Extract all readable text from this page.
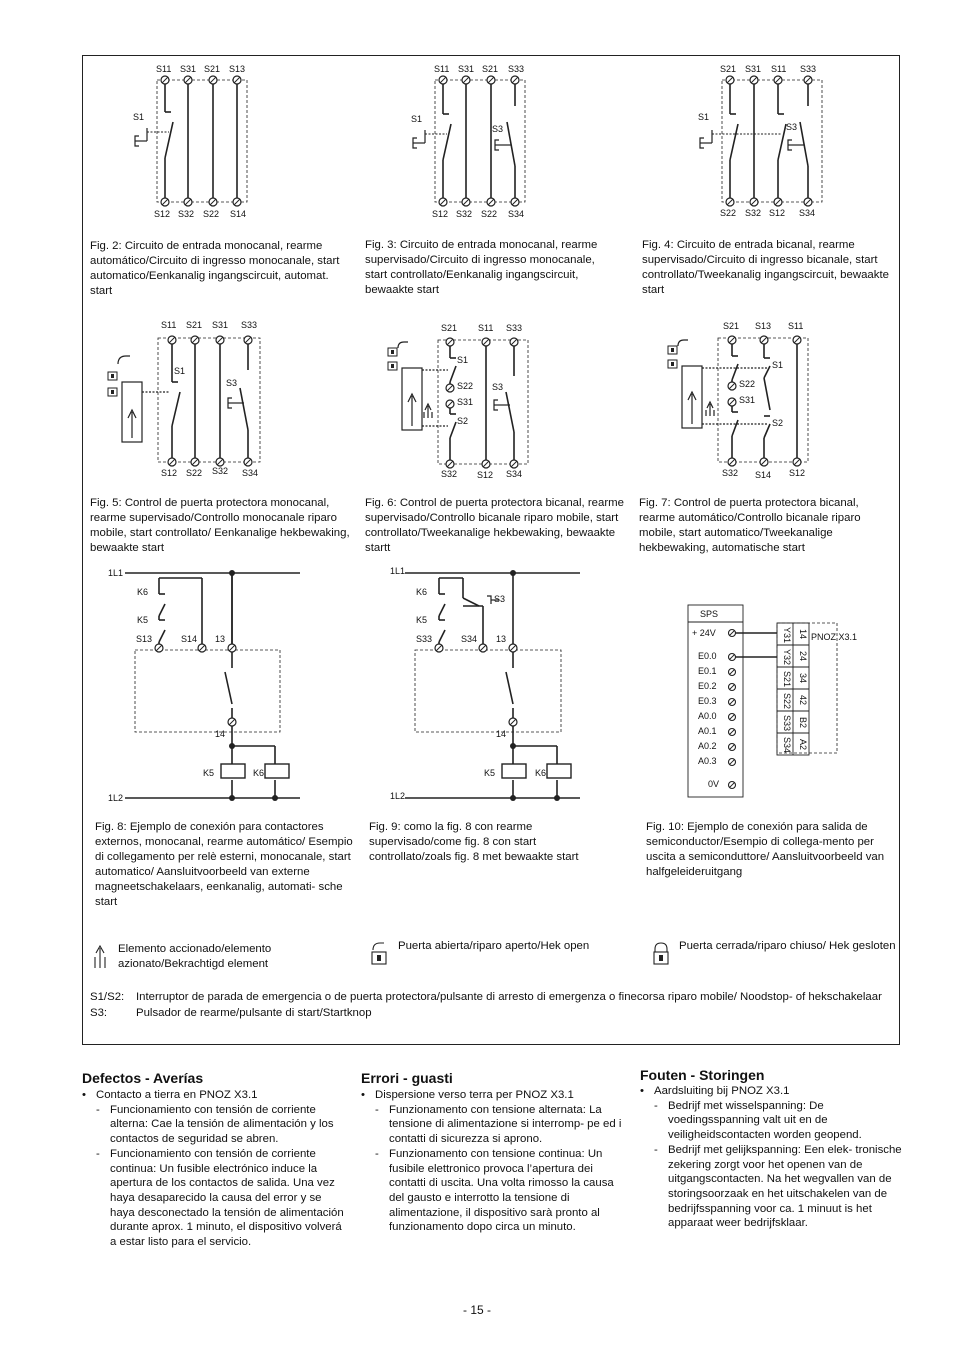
S11 S31 S21 S13
S12 S32 S22 S14
S1
Fig. 2: Circuito de entrada monocanal, rearme automático/Circuito di ingresso monocanale, start automatico/Eenkanalig ingangscircuit, automat. start
S11 S31 S21 S33
S12 S32 S22 S34
S1
S3
Fig. 3: Circuito de entrada monocanal, rearme supervisado/Circuito di ingresso monocanale, start controllato/Eenkanalig ingangscircuit, bewaakte start
S21 S31 S11 S33
S22 S32 S12 S34
S1
S3
Fig. 4: Circuito de entrada bicanal, rearme supervisado/Circuito di ingresso bicanale, start controllato/Tweekanalig ingangscircuit, bewaakte start
S11 S21 S31 S33
S12 S22 S32 S34
S1
S3
Fig. 5: Control de puerta protectora monocanal, rearme supervisado/Controllo monocanale riparo mobile, start controllato/ Eenkanalige hekbewaking, bewaakte start
S21 S11 S33
S32 S12 S34
S22
S31
S1
S2
S3
Fig. 6: Control de puerta protectora bicanal, rearme supervisado/Controllo bicanale riparo mobile, start controllato/Tweekanalige hekbewaking, bewaakte startt
S21 S13 S11
S32 S14 S12
S22
S31
S1
S2
Fig. 7: Control de puerta protectora bicanal, rearme automático/Controllo bicanale riparo mobile, start automatico/Tweekanalige hekbewaking, automatische start
1L1
1L2
K6
K5
S13	S14 13
14
K5	K6
Fig. 8: Ejemplo de conexión para contactores externos, monocanal, rearme automático/ Esempio di collegamento per relè esterni, monocanale, start automatico/ Aansluitvoorbeeld van externe magneetschakelaars, eenkanalig, automati- sche start
1L1
1L2
K6
K5
S3
S33	S34 13
14
K5	K6
Fig. 9: como la fig. 8 con rearme supervisado/come fig. 8 con start controllato/zoals fig. 8 met bewaakte start
SPS
+ 24V
E0.0
E0.1
E0.2
E0.3
A0.0
A0.1
A0.2
A0.3
0V
PNOZ X3.1
Y31
Y32
S21
S22
S33
S34
14
24
34
42
B2
A2
Fig. 10: Ejemplo de conexión para salida de semiconductor/Esempio di collega-mento per uscita a semiconduttore/ Aansluitvoorbeeld van halfgeleideruitgang
Elemento accionado/elemento azionato/Bekrachtigd element
Puerta abierta/riparo aperto/Hek open	Puerta cerrada/riparo chiuso/ Hek gesloten
S1/S2: Interruptor de parada de emergencia o de puerta protectora/pulsante di arresto di emergenza o finecorsa riparo mobile/ Noodstop- of hekschakelaar
S3:	Pulsador de rearme/pulsante di start/Startknop
Defectos - Averías
• Contacto a tierra en PNOZ X3.1
- Funcionamiento con tensión de corriente alterna: Cae la tensión de alimentación y los contactos de seguridad se abren.
- Funcionamiento con tensión de corriente continua: Un fusible electrónico induce la apertura de los contactos de salida. Una vez haya desaparecido la causa del error y se haya desconectado la tensión de alimentación durante aprox. 1 minuto, el dispositivo volverá a estar listo para el servicio.
Errori - guasti
• Dispersione verso terra per PNOZ X3.1
- Funzionamento con tensione alternata: La tensione di alimentazione si interromp- pe ed i contatti di sicurezza si aprono.
- Funzionamento con tensione continua: Un fusibile elettronico provoca l’apertura dei contatti di uscita. Una volta rimosso la causa del gausto e interrotto la tensione di alimentazione, il dispositivo sarà pronto al funzionamento dopo circa un minuto.
Fouten - Storingen
• Aardsluiting bij PNOZ X3.1
- Bedrijf met wisselspanning: De voedingsspanning valt uit en de veiligheidscontacten worden geopend.
- Bedrijf met gelijkspanning: Een elek- tronische zekering zorgt voor het openen van de uitgangscontacten. Na het wegvallen van de storingsoorzaak en het uitschakelen van de bedrijfsspanning voor ca. 1 minuut is het apparaat weer bedrijfsklaar.
- 15 -
